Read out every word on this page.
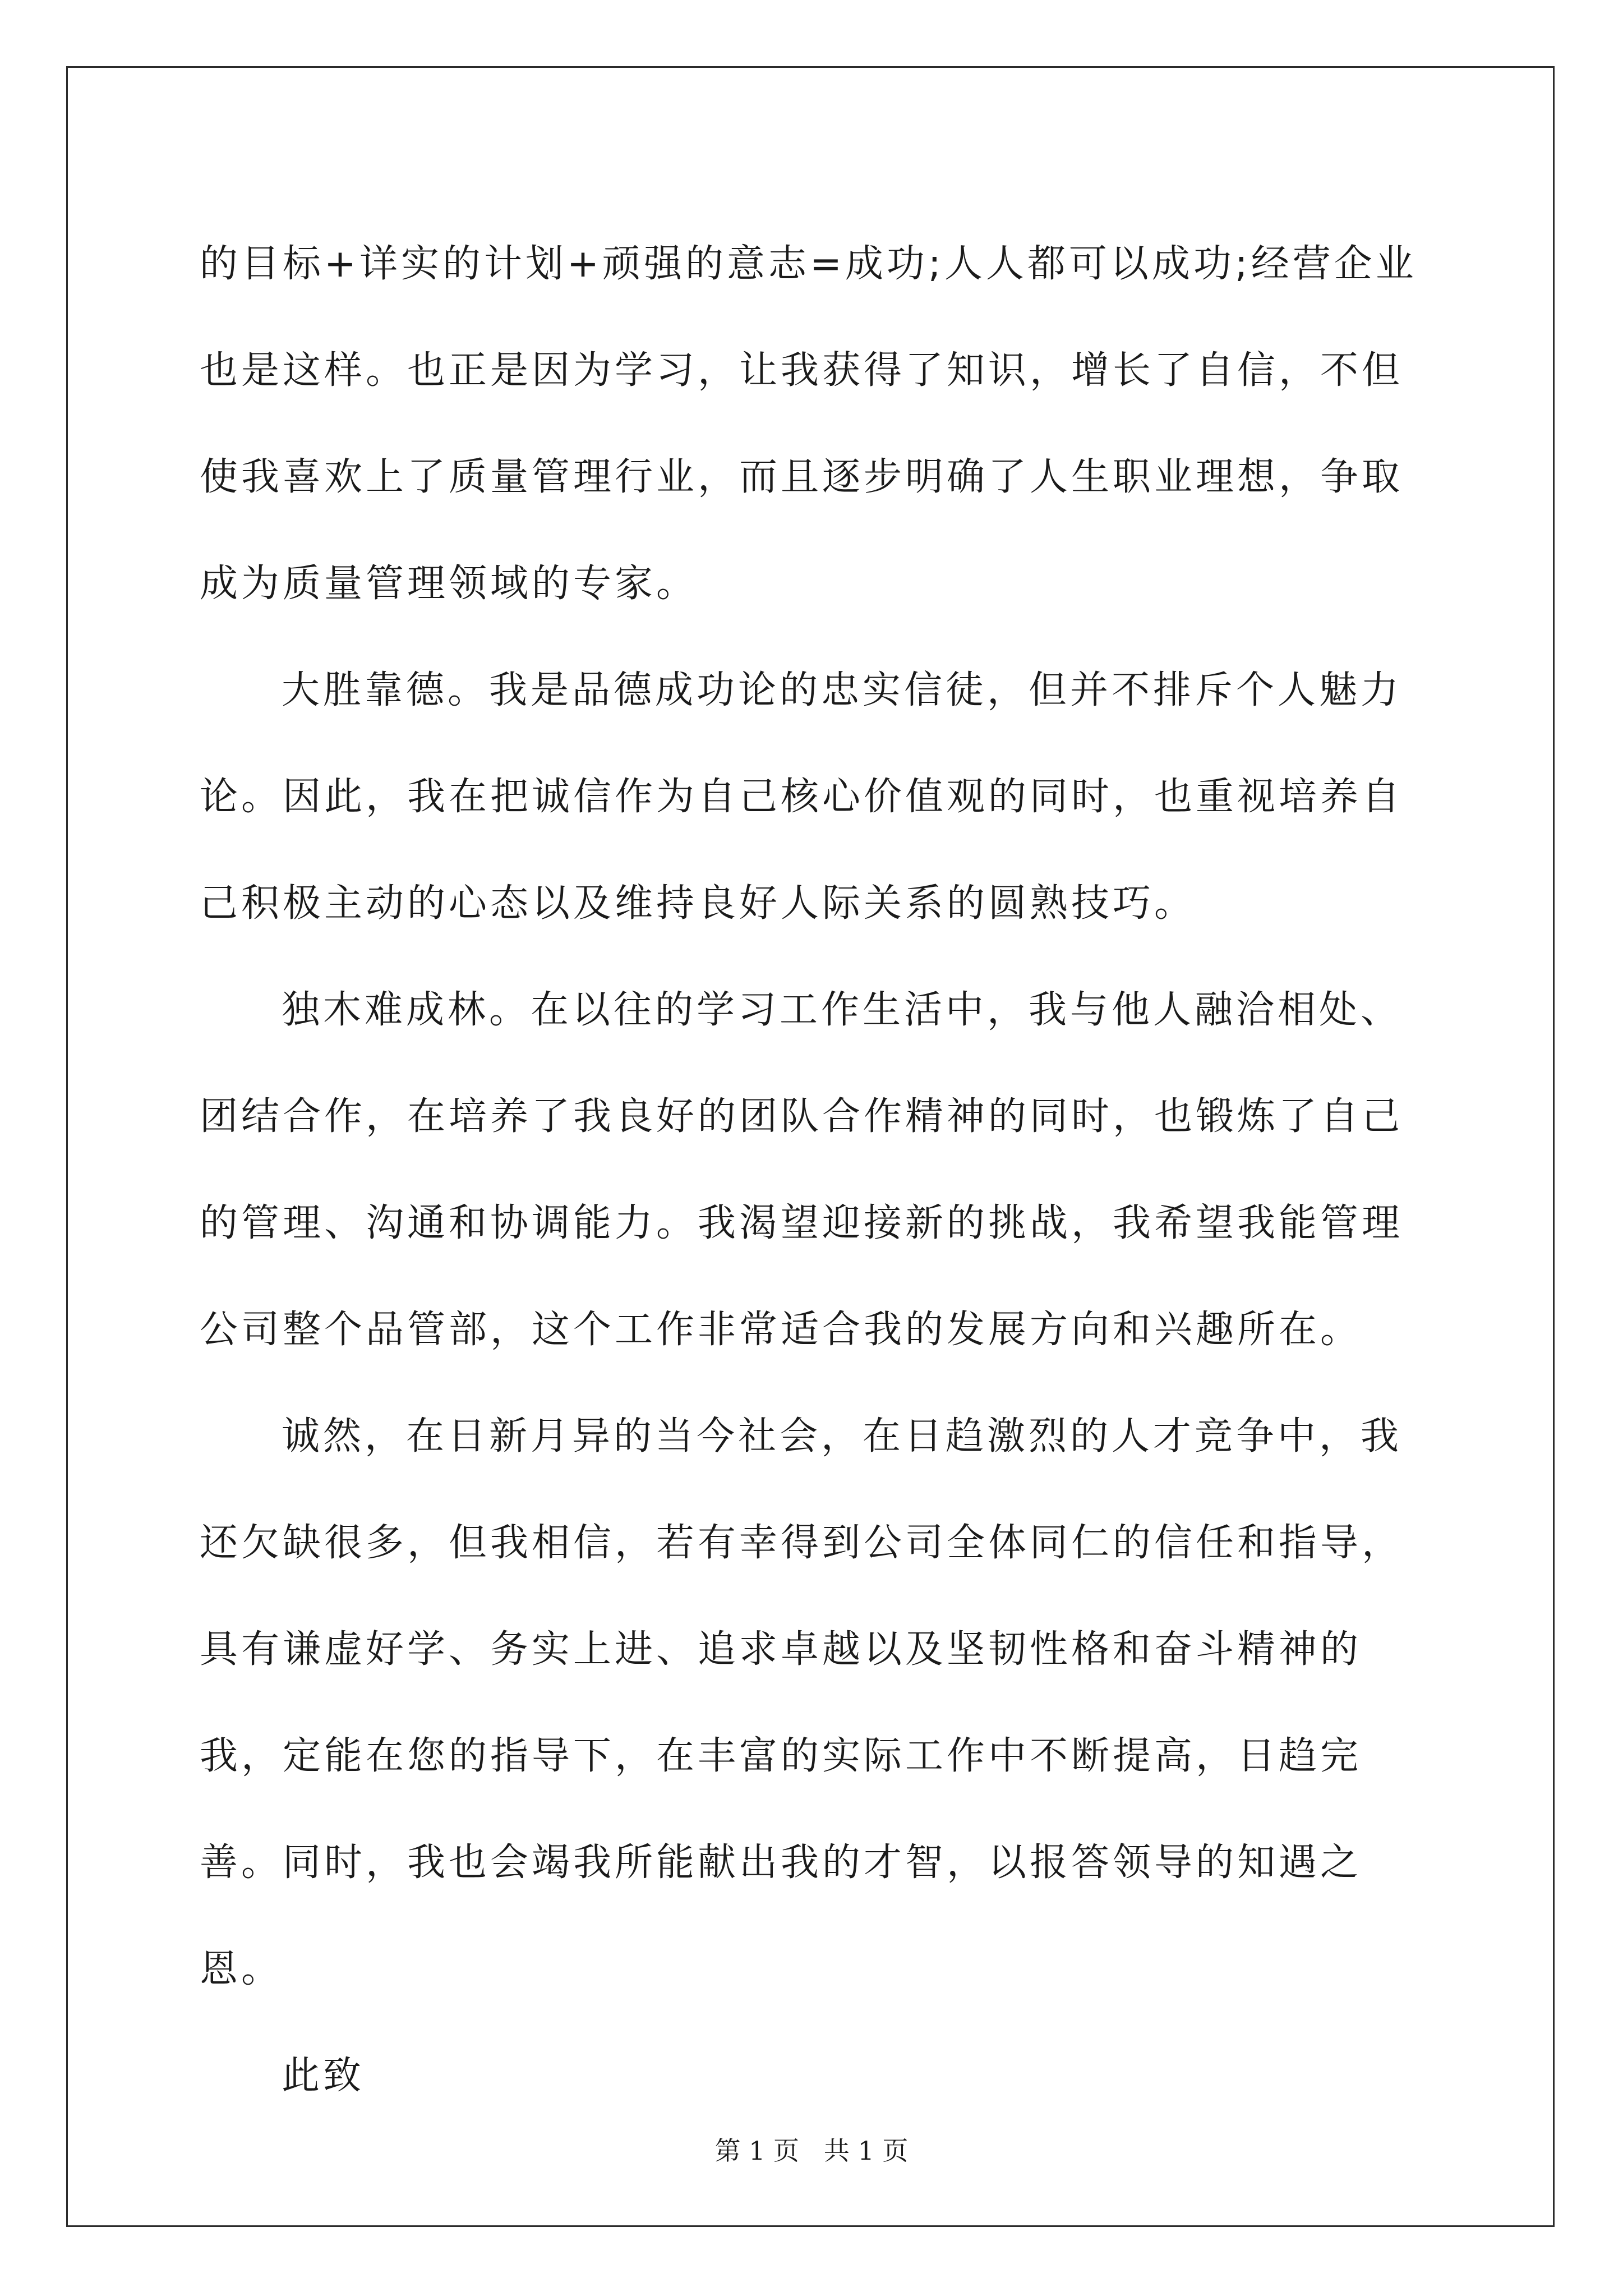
的目标+详实的计划+顽强的意志=成功;人人都可以成功;经营企业也是这样。也正是因为学习，让我获得了知识，增长了自信，不但使我喜欢上了质量管理行业，而且逐步明确了人生职业理想，争取成为质量管理领域的专家。

大胜靠德。我是品德成功论的忠实信徒，但并不排斥个人魅力论。因此，我在把诚信作为自己核心价值观的同时，也重视培养自己积极主动的心态以及维持良好人际关系的圆熟技巧。

独木难成林。在以往的学习工作生活中，我与他人融洽相处、团结合作，在培养了我良好的团队合作精神的同时，也锻炼了自己的管理、沟通和协调能力。我渴望迎接新的挑战，我希望我能管理公司整个品管部，这个工作非常适合我的发展方向和兴趣所在。

诚然，在日新月异的当今社会，在日趋激烈的人才竞争中，我还欠缺很多，但我相信，若有幸得到公司全体同仁的信任和指导，具有谦虚好学、务实上进、追求卓越以及坚韧性格和奋斗精神的我，定能在您的指导下，在丰富的实际工作中不断提高，日趋完善。同时，我也会竭我所能献出我的才智，以报答领导的知遇之恩。

此致

第 1 页   共 1 页
